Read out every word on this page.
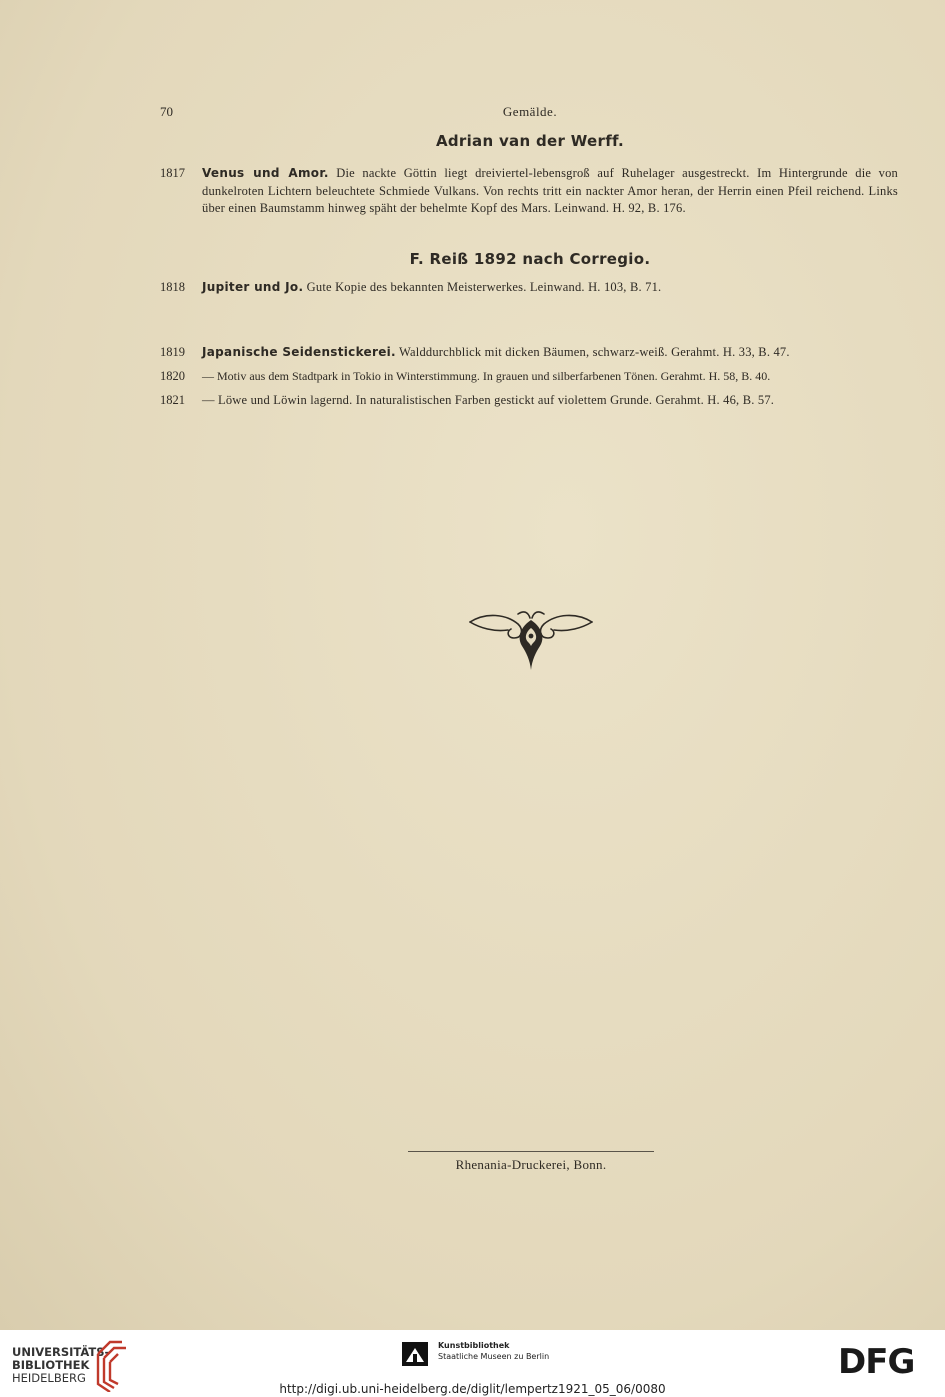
70	Gemälde.
Adrian van der Werff.
1817	Venus und Amor. Die nackte Göttin liegt dreiviertel-lebensgroß auf Ruhelager ausgestreckt. Im Hintergrunde die von dunkelroten Lichtern beleuchtete Schmiede Vulkans. Von rechts tritt ein nackter Amor heran, der Herrin einen Pfeil reichend. Links über einen Baumstamm hinweg späht der behelmte Kopf des Mars. Leinwand. H. 92, B. 176.
F. Reiß 1892 nach Corregio.
1818	Jupiter und Jo. Gute Kopie des bekannten Meisterwerkes. Leinwand. H. 103, B. 71.
1819	Japanische Seidenstickerei. Walddurchblick mit dicken Bäumen, schwarz-weiß. Gerahmt. H. 33, B. 47.
1820	— Motiv aus dem Stadtpark in Tokio in Winterstimmung. In grauen und silberfarbenen Tönen. Gerahmt. H. 58, B. 40.
1821	— Löwe und Löwin lagernd. In naturalistischen Farben gestickt auf violettem Grunde. Gerahmt. H. 46, B. 57.
Rhenania-Druckerei, Bonn.
UNIVERSITÄTS-
BIBLIOTHEK
HEIDELBERG
Kunstbibliothek
Staatliche Museen zu Berlin	DFG
http://digi.ub.uni-heidelberg.de/diglit/lempertz1921_05_06/0080
